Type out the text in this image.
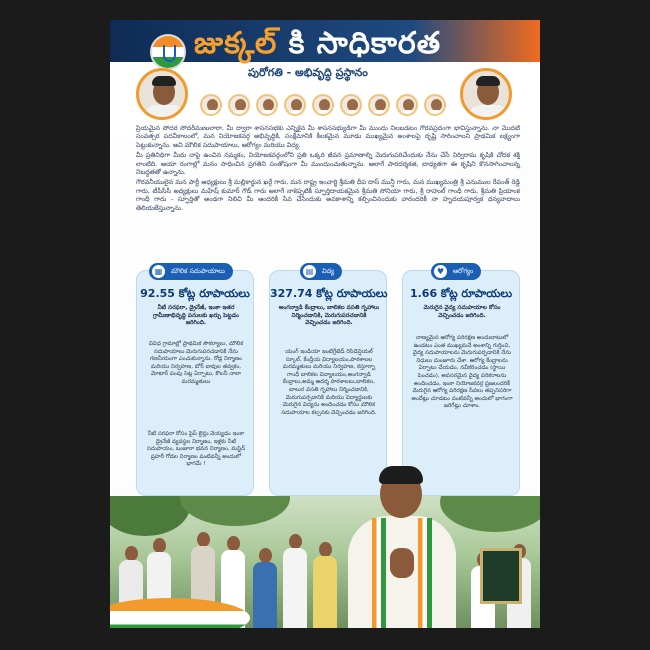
జుక్కల్ కి సాధికారత
పురోగతి - అభివృద్ధి ప్రస్థానం

ప్రియమైన సోదర సోదరీమణులారా, మీ ద్వారా శాసనసభకు ఎన్నికైన మీ శాసనసభ్యుడిగా మీ ముందు నిలబడటం గౌరవప్రదంగా భావిస్తున్నాను. నా మొదటి సంవత్సర పదవీకాలంలో, మన నియోజకవర్గ అభివృద్ధికి, సంక్షేమానికి కీలకమైన మూడు ముఖ్యమైన అంశాలపై దృష్టి సారించాలని ప్రాథమిక లక్ష్యంగా పెట్టుకున్నాను. అవి మౌలిక సదుపాయాలు, ఆరోగ్యం మరియు విద్య.

మీ ప్రతినిధిగా మీరు నాపై ఉంచిన నమ్మకం, నియోజకవర్గంలోని ప్రతి ఒక్కరి జీవన ప్రమాణాల్ని మెరుగుపరిచేందుకు నేను చేసే నిర్విరామ కృషికి చోదక శక్తి లాంటిది. ఆయా రంగాల్లో మనం సాధించిన ప్రగతిని సంతోషంగా మీ ముందుంచుతున్నాను. ఆలాగే పారదర్శకత, బాధ్యతగా ఈ కృషిని కొనసాగించాలన్న నిబద్ధతతో ఉన్నాను.

గౌరవనీయులైన మన పార్టీ అధ్యక్షులు శ్రీ మల్లికార్జున ఖర్గే గారు, మన రాష్ట్ర ఇంచార్జి శ్రీమతి దీప దాస్ మున్షీ గారు, మన ముఖ్యమంత్రి శ్రీ ఎనుముల రేవంత్ రెడ్డి గారు, టీపీసీసీ అధ్యక్షులు మహేష్ కుమార్ గౌడ్ గారు అలాగే నాకెప్పటికీ స్ఫూర్తిదాయకమైన శ్రీమతి సోనియా గారు, శ్రీ రాహుల్ గాంధీ గారు, శ్రీమతి ప్రియాంక గాంధీ గారు - స్ఫూర్తితో అండగా నిలిచి మీ ఆందరికీ సేవ చేసేందుకు అవకాశాన్ని కల్పించినందుకు వారందరికీ నా హృదయపూర్వక ధన్యవాదాలు తెలియజేస్తున్నాను.

▦	మౌలిక సదుపాయాలు
92.55 కోట్ల రూపాయలు
నీటి సరఫరా, డ్రైనేజీ, ఇంకా ఇతర గ్రామీణాభివృద్ధి పనులకు ఖర్చు పెట్టడం జరిగింది.
వివిధ గ్రామాల్లో ప్రాథమిక సౌకర్యాలు, మౌలిక సదుపాయాలు మెరుగుపరచడానికి నేను గణనీయంగా ఎంచుకున్నాను. రోడ్ల నిర్మాణం మరియు నిర్వహణ, బోర్ బావుల తవ్వకం, మోటార్ పంపు సెట్ల ఏర్పాటు, కొలనీ నాలా మరమ్మతులు
నీటి సరఫరా కోసం పైప్ లైన్లు వెయ్యడం ఇంకా డ్రైనేజీ వ్యవస్థల నిర్మాణం, ఇళ్లకు నీటి సదుపాయం, బంజారా భవన నిర్మాణం, మస్జిద్ ప్రహరీ గోడల నిర్మాణం వంటివన్నీ అందులో భాగమే !
▤	విద్య
327.74 కోట్ల రూపాయలు
అంగన్వాడి కేంద్రాలు, బాలికల వసతి గృహాలు నిర్మించడానికి, మెరుగుపరచడానికి వెచ్చించడం జరిగింది.
యంగ్ ఇండియా ఇంటిగ్రేటెడ్ రెసిడెన్షియల్ స్కూల్, కేంద్రీయ విద్యాలయం,పాఠశాలల మరమ్మతులు మరియు నిర్వహణ, కస్తూర్బా గాంధీ బాలికల విద్యాలయం,అంగన్వాడి కేంద్రాలు,అమ్మ ఆదర్శ పాఠశాలలు,బాలికల, బాలుర వసతి గృహాలు నిర్మించడానికి, మెరుగుపర్చడానికి మరియు విద్యార్థులకు మెరుగైన విద్యను అందించడం కోసం మౌలిక సదుపాయాల కల్పనకు వెచ్చించడం జరిగింది.
♥	ఆరోగ్యం
1.66 కోట్ల రూపాయలు
మెరుగైన వైద్య సదుపాయాల కోసం వెచ్చించడం జరిగింది.
నాణ్యమైన ఆరోగ్య పరిరక్షణ అందుబాటులో ఉండటం ఎంత ముఖ్యమనే అంశాన్ని గుర్తించి, వైద్య సదుపాయాలను మెరుగుపర్చడానికి నేను నిధులు మంజూరు చేశా. ఆరోగ్య కేంద్రాలను ఏర్పాటు చేయడం, నవీకరించడం (స్థాయి పెంచడం), అవసరమైన వైద్య పరికరాలను అందించడం, ఇంకా నియోజకవర్గ ప్రజలందరికీ మెరుగైన ఆరోగ్య పరిరక్షణ సేవలు తప్పనిసరిగా అందేట్లు చూడటం వంటివన్నీ అందులో భాగంగా జరిగేట్లు చూశాం.
